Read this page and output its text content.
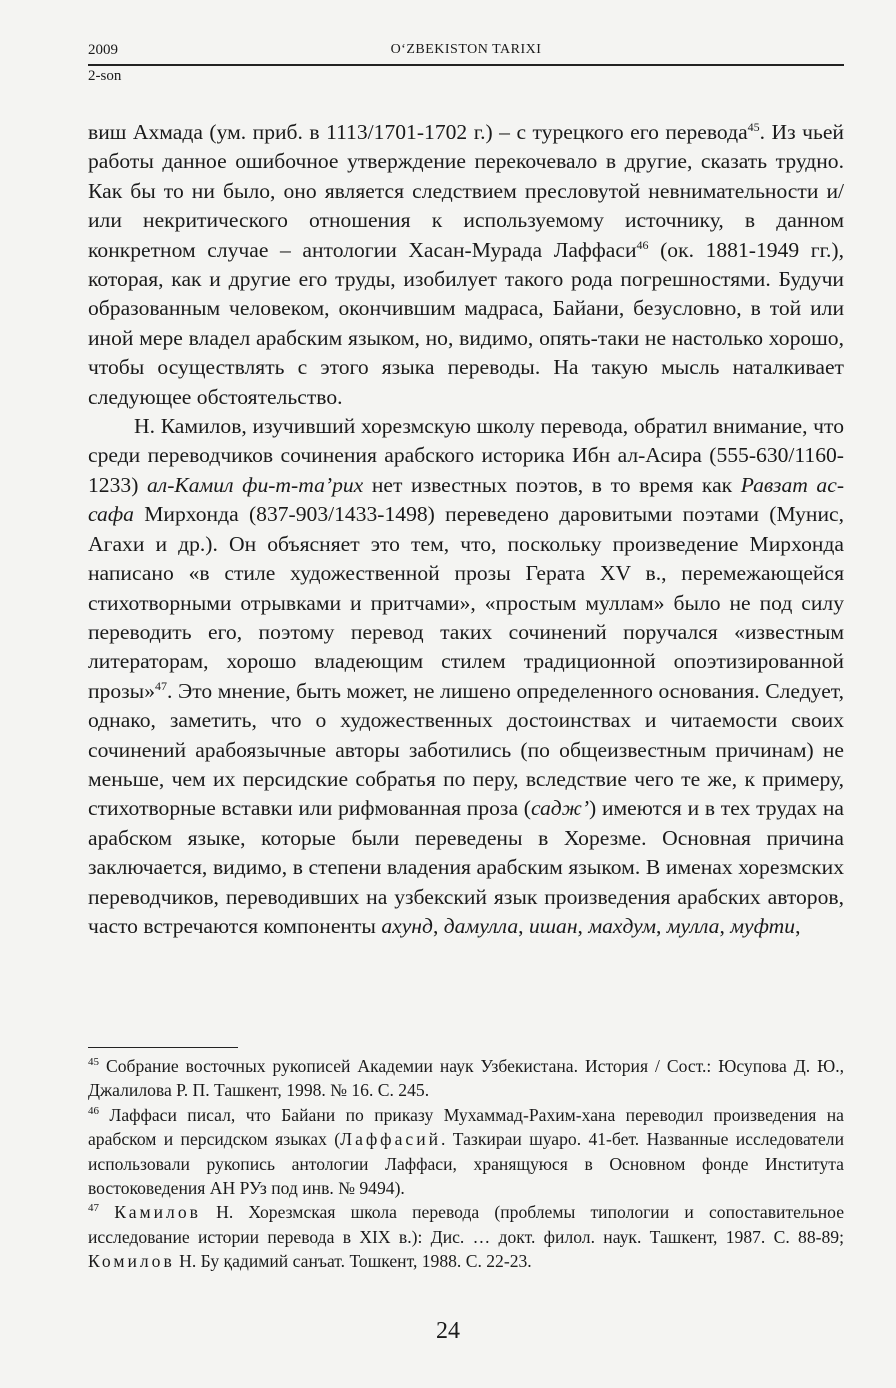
2009	O‘ZBEKISTON TARIXI
2-son

виш Ахмада (ум. приб. в 1113/1701-1702 г.) – с турецкого его перевода$^{45}$. Из чьей работы данное ошибочное утверждение перекочевало в другие, сказать трудно. Как бы то ни было, оно является следствием пресловутой невнимательности и/или некритического отношения к используемому источнику, в данном конкретном случае – антологии Хасан-Мурада Лаффаси$^{46}$ (ок. 1881-1949 гг.), которая, как и другие его труды, изобилует такого рода погрешностями. Будучи образованным человеком, окончившим мадраса, Байани, безусловно, в той или иной мере владел арабским языком, но, видимо, опять-таки не настолько хорошо, чтобы осуществлять с этого языка переводы. На такую мысль наталкивает следующее обстоятельство.

Н. Камилов, изучивший хорезмскую школу перевода, обратил внимание, что среди переводчиков сочинения арабского историка Ибн ал-Асира (555-630/1160-1233) ал-Камил фи-т-та’рих нет известных поэтов, в то время как Равзат ас-сафа Мирхонда (837-903/1433-1498) переведено даровитыми поэтами (Мунис, Агахи и др.). Он объясняет это тем, что, поскольку произведение Мирхонда написано «в стиле художественной прозы Герата XV в., перемежающейся стихотворными отрывками и притчами», «простым муллам» было не под силу переводить его, поэтому перевод таких сочинений поручался «известным литераторам, хорошо владеющим стилем традиционной опоэтизированной прозы»$^{47}$. Это мнение, быть может, не лишено определенного основания. Следует, однако, заметить, что о художественных достоинствах и читаемости своих сочинений арабоязычные авторы заботились (по общеизвестным причинам) не меньше, чем их персидские собратья по перу, вследствие чего те же, к примеру, стихотворные вставки или рифмованная проза (садж’) имеются и в тех трудах на арабском языке, которые были переведены в Хорезме. Основная причина заключается, видимо, в степени владения арабским языком. В именах хорезмских переводчиков, переводивших на узбекский язык произведения арабских авторов, часто встречаются компоненты ахунд, дамулла, ишан, махдум, мулла, муфти,

$^{45}$ Собрание восточных рукописей Академии наук Узбекистана. История / Сост.: Юсупова Д. Ю., Джалилова Р. П. Ташкент, 1998. № 16. С. 245.

$^{46}$ Лаффаси писал, что Байани по приказу Мухаммад-Рахим-хана переводил произведения на арабском и персидском языках (Лаффасий. Тазкираи шуаро. 41-бет. Названные исследователи использовали рукопись антологии Лаффаси, хранящуюся в Основном фонде Института востоковедения АН РУз под инв. № 9494).

$^{47}$ Камилов Н. Хорезмская школа перевода (проблемы типологии и сопоставительное исследование истории перевода в XIX в.): Дис. … докт. филол. наук. Ташкент, 1987. С. 88-89; Комилов Н. Бу қадимий санъат. Тошкент, 1988. С. 22-23.

24
